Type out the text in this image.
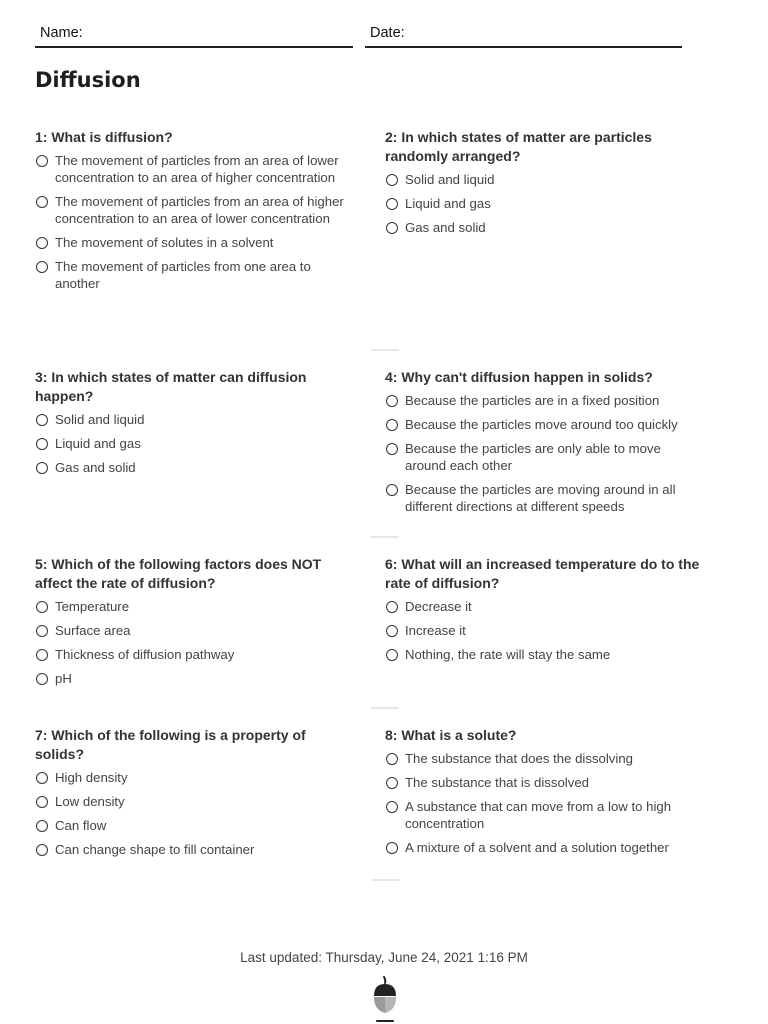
Name:	Date:
Diffusion
1: What is diffusion?
The movement of particles from an area of lower concentration to an area of higher concentration
The movement of particles from an area of higher concentration to an area of lower concentration
The movement of solutes in a solvent
The movement of particles from one area to another
2: In which states of matter are particles randomly arranged?
Solid and liquid
Liquid and gas
Gas and solid
3: In which states of matter can diffusion happen?
Solid and liquid
Liquid and gas
Gas and solid
4: Why can't diffusion happen in solids?
Because the particles are in a fixed position
Because the particles move around too quickly
Because the particles are only able to move around each other
Because the particles are moving around in all different directions at different speeds
5: Which of the following factors does NOT affect the rate of diffusion?
Temperature
Surface area
Thickness of diffusion pathway
pH
6: What will an increased temperature do to the rate of diffusion?
Decrease it
Increase it
Nothing, the rate will stay the same
7: Which of the following is a property of solids?
High density
Low density
Can flow
Can change shape to fill container
8: What is a solute?
The substance that does the dissolving
The substance that is dissolved
A substance that can move from a low to high concentration
A mixture of a solvent and a solution together
Last updated: Thursday, June 24, 2021 1:16 PM
